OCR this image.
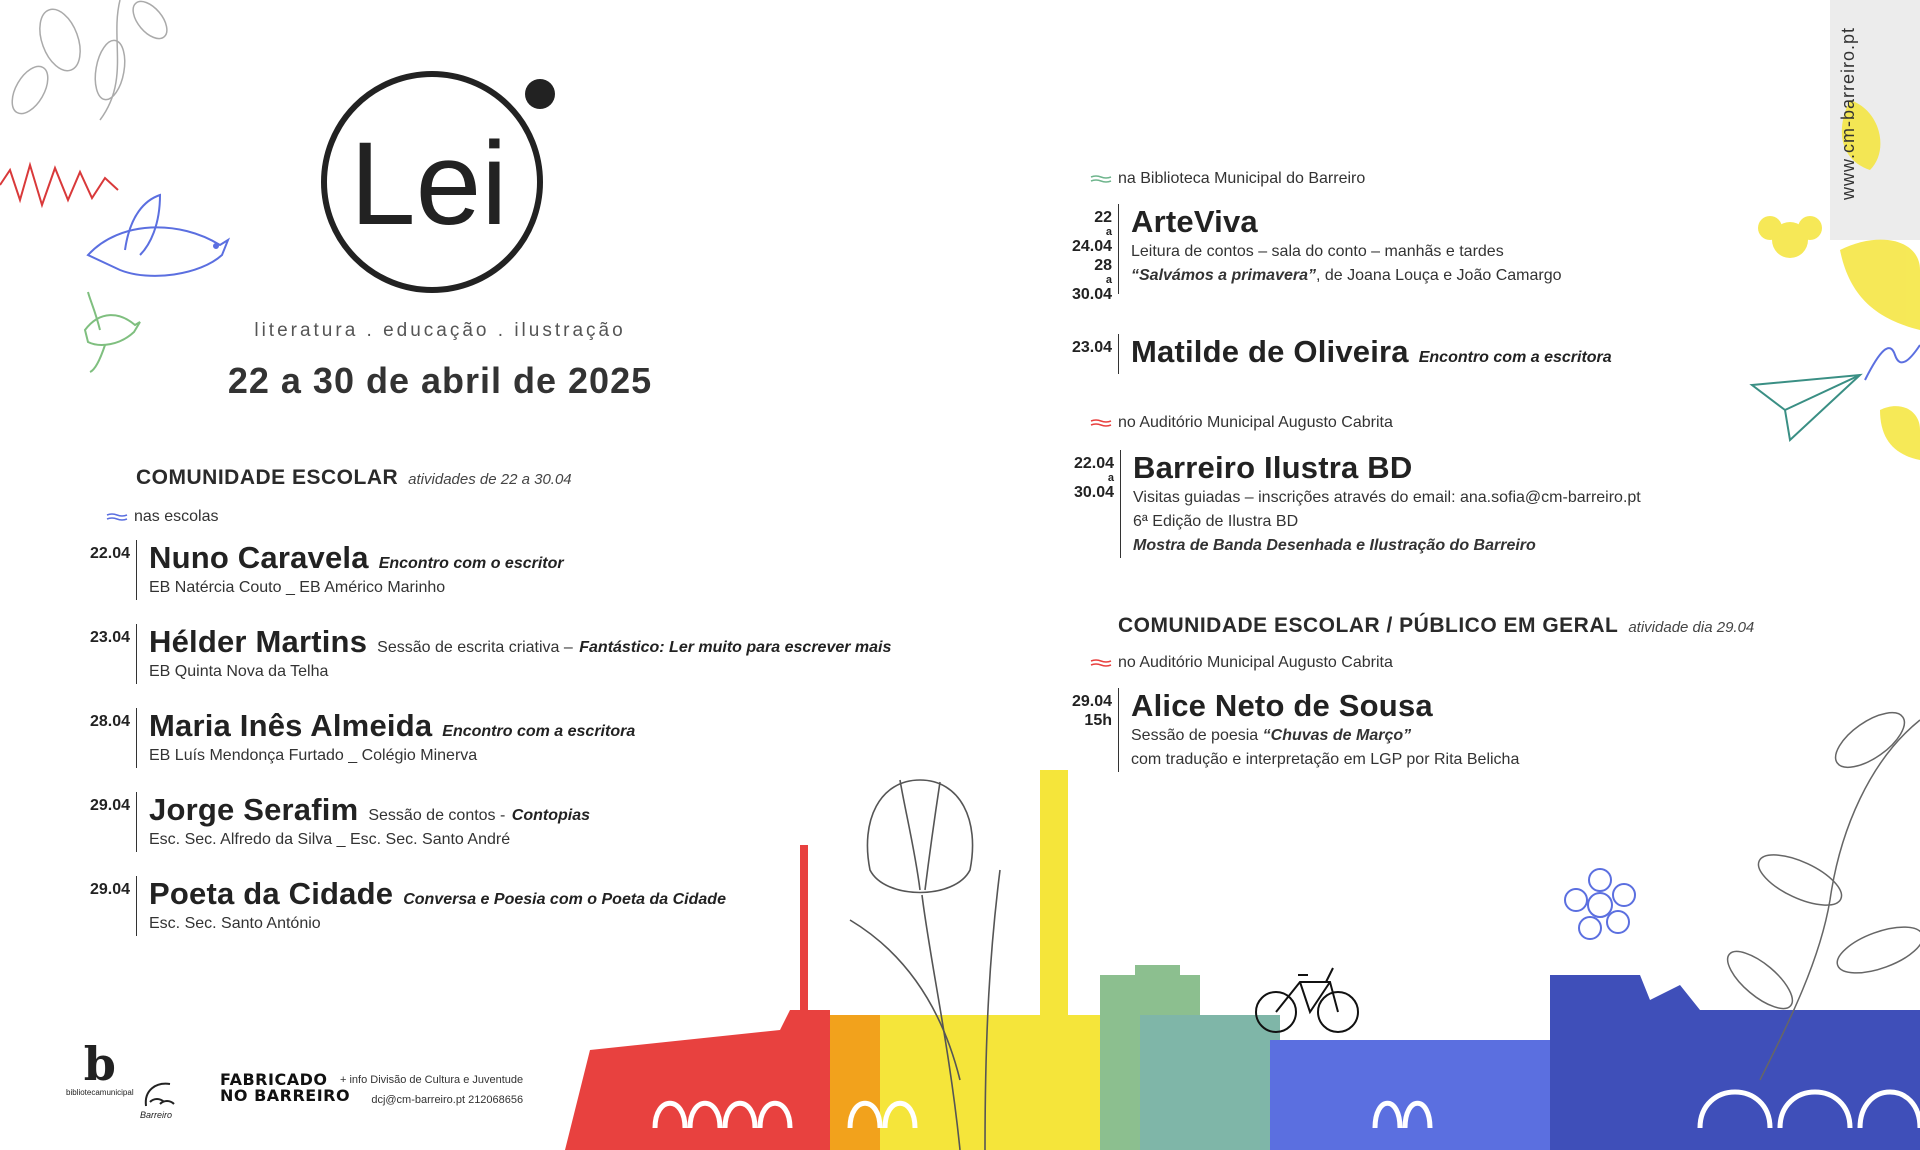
Lei
literatura . educação . ilustração
22 a 30 de abril de 2025
www.cm-barreiro.pt
COMUNIDADE ESCOLAR atividades de 22 a 30.04
nas escolas
22.04 Nuno Caravela Encontro com o escritor
EB Natércia Couto _ EB Américo Marinho
23.04 Hélder Martins Sessão de escrita criativa – Fantástico: Ler muito para escrever mais
EB Quinta Nova da Telha
28.04 Maria Inês Almeida Encontro com a escritora
EB Luís Mendonça Furtado _ Colégio Minerva
29.04 Jorge Serafim Sessão de contos - Contopias
Esc. Sec. Alfredo da Silva _ Esc. Sec. Santo André
29.04 Poeta da Cidade Conversa e Poesia com o Poeta da Cidade
Esc. Sec. Santo António
na Biblioteca Municipal do Barreiro
22
a
24.04
28
a
30.04
ArteViva
Leitura de contos – sala do conto – manhãs e tardes
“Salvámos a primavera”, de Joana Louça e João Camargo
23.04 Matilde de Oliveira Encontro com a escritora
no Auditório Municipal Augusto Cabrita
22.04
a
30.04
Barreiro Ilustra BD
Visitas guiadas – inscrições através do email: ana.sofia@cm-barreiro.pt
6ª Edição de Ilustra BD
Mostra de Banda Desenhada e Ilustração do Barreiro
COMUNIDADE ESCOLAR / PÚBLICO EM GERAL atividade dia 29.04
no Auditório Municipal Augusto Cabrita
29.04
15h Alice Neto de Sousa
Sessão de poesia “Chuvas de Março”
com tradução e interpretação em LGP por Rita Belicha
b
bibliotecamunicipal
Barreiro
FABRICADO
NO BARREIRO
+ info Divisão de Cultura e Juventude
dcj@cm-barreiro.pt 212068656
